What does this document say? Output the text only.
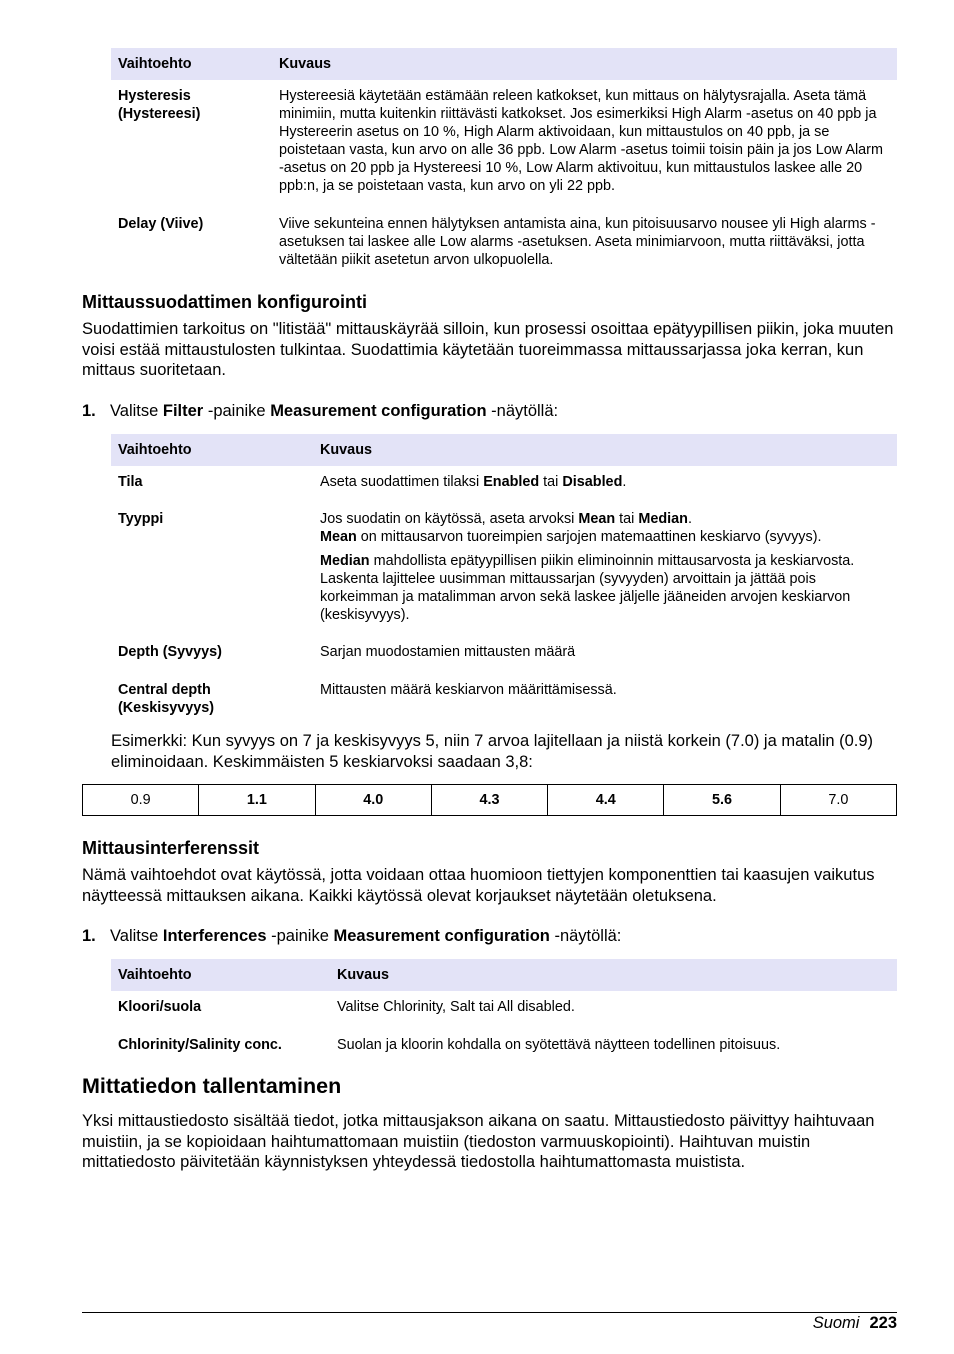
Vaihtoehto	Kuvaus
Hysteresis (Hystereesi)	Hystereesiä käytetään estämään releen katkokset, kun mittaus on hälytysrajalla. Aseta tämä minimiin, mutta kuitenkin riittävästi katkokset. Jos esimerkiksi High Alarm -asetus on 40 ppb ja Hystereerin asetus on 10 %, High Alarm aktivoidaan, kun mittaustulos on 40 ppb, ja se poistetaan vasta, kun arvo on alle 36 ppb. Low Alarm -asetus toimii toisin päin ja jos Low Alarm -asetus on 20 ppb ja Hystereesi 10 %, Low Alarm aktivoituu, kun mittaustulos laskee alle 20 ppb:n, ja se poistetaan vasta, kun arvo on yli 22 ppb.
Delay (Viive)	Viive sekunteina ennen hälytyksen antamista aina, kun pitoisuusarvo nousee yli High alarms -asetuksen tai laskee alle Low alarms -asetuksen. Aseta minimiarvoon, mutta riittäväksi, jotta vältetään piikit asetetun arvon ulkopuolella.
Mittaussuodattimen konfigurointi

Suodattimien tarkoitus on "litistää" mittauskäyrää silloin, kun prosessi osoittaa epätyypillisen piikin, joka muuten voisi estää mittaustulosten tulkintaa. Suodattimia käytetään tuoreimmassa mittaussarjassa joka kerran, kun mittaus suoritetaan.

1. Valitse Filter -painike Measurement configuration -näytöllä:
Vaihtoehto	Kuvaus
Tila	Aseta suodattimen tilaksi Enabled tai Disabled.
Tyyppi	Jos suodatin on käytössä, aseta arvoksi Mean tai Median.
Mean on mittausarvon tuoreimpien sarjojen matemaattinen keskiarvo (syvyys).

Median mahdollista epätyypillisen piikin eliminoinnin mittausarvosta ja keskiarvosta. Laskenta lajittelee uusimman mittaussarjan (syvyyden) arvoittain ja jättää pois korkeimman ja matalimman arvon sekä laskee jäljelle jääneiden arvojen keskiarvon (keskisyvyys).

Depth (Syvyys)	Sarjan muodostamien mittausten määrä
Central depth (Keskisyvyys)	Mittausten määrä keskiarvon määrittämisessä.

Esimerkki: Kun syvyys on 7 ja keskisyvyys 5, niin 7 arvoa lajitellaan ja niistä korkein (7.0) ja matalin (0.9) eliminoidaan. Keskimmäisten 5 keskiarvoksi saadaan 3,8:

0.9	1.1	4.0	4.3	4.4	5.6	7.0
Mittausinterferenssit

Nämä vaihtoehdot ovat käytössä, jotta voidaan ottaa huomioon tiettyjen komponenttien tai kaasujen vaikutus näytteessä mittauksen aikana. Kaikki käytössä olevat korjaukset näytetään oletuksena.

1. Valitse Interferences -painike Measurement configuration -näytöllä:
Vaihtoehto	Kuvaus
Kloori/suola	Valitse Chlorinity, Salt tai All disabled.
Chlorinity/Salinity conc.	Suolan ja kloorin kohdalla on syötettävä näytteen todellinen pitoisuus.
Mittatiedon tallentaminen

Yksi mittaustiedosto sisältää tiedot, jotka mittausjakson aikana on saatu. Mittaustiedosto päivittyy haihtuvaan muistiin, ja se kopioidaan haihtumattomaan muistiin (tiedoston varmuuskopiointi). Haihtuvan muistin mittatiedosto päivitetään käynnistyksen yhteydessä tiedostolla haihtumattomasta muistista.

Suomi 223
